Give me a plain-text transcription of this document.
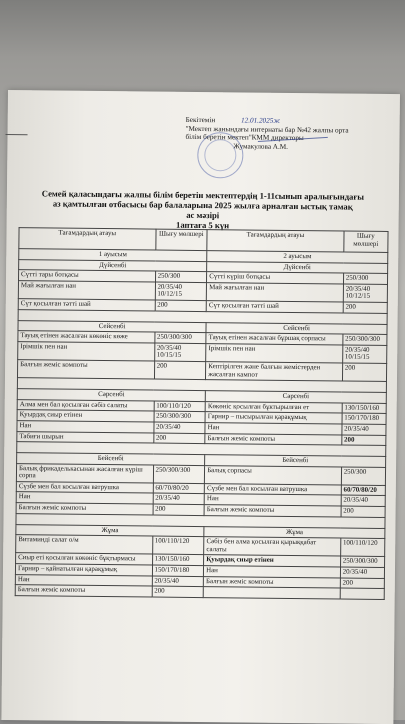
Бекітемін	12.01.2025ж
"Мектеп жанындағы интернаты бар №42 жалпы орта
білім беретін мектеп"КММ директоры
Жумакулова А.М.
Семей қаласындағы жалпы білім беретін мектептердің 1-11сынып аралығындағы
аз қамтылған отбасысы бар балаларына 2025 жылға арналған ыстық тамақ
ас мәзірі
1аптаға 5 күн
Тағамдардың атауы	Шығу мөлшері	Тағамдардың атауы	Шығу мөлшері
1 ауысым		2 ауысым	
Дүйсенбі		Дүйсенбі	
Сүтті тары ботқасы	250/300	Сүтті күріш ботқасы	250/300
Май жағылған нан	20/35/40 10/12/15	Май жағылған нан	20/35/40 10/12/15
Сүт қосылған тәтті шай	200	Сүт қосылған тәтті шай	200

Сейсенбі		Сейсенбі	
Тауық етінен жасалған көкөніс көже	250/300/300	Тауық етінен жасалған бұршақ сорпасы	250/300/300
Ірімшік пен нан	20/35/40 10/15/15	Ірімшік пен нан	20/35/40 10/15/15
Балғын жеміс компоты	200	Кептірілген және балғын жемістерден жасалған кампот	200

Сәрсенбі		Сәрсенбі	
Алма мен бал қосылған сәбіз салаты	100/110/120	Көкөніс қосылған бұктырылған ет	130/150/160
Қуырдақ сиыр етінен	250/300/300	Гарнир – пысырылған қарақұмық	150/170/180
Нан	20/35/40	Нан	20/35/40
Табиғи шырын	200	Балғын жеміс компоты	200

Бейсенбі		Бейсенбі	
Балық фрикаделькасынан жасалған күріш сорпа	250/300/300	Балық сорпасы	250/300
Сүзбе мен бал косылған ватрушка	60/70/80/20	Сүзбе мен бал косылған ватрушка	60/70/80/20
Нан	20/35/40	Нан	20/35/40
Балғын жеміс компоты	200	Балғын жеміс компоты	200

Жұма		Жұма	
Витаминді салат о/м	100/110/120	Сәбіз бен алма қосылған қырыққабат салаты	100/110/120
Сиыр еті қосылған көкөніс бұқтырмасы	130/150/160	Қуырдақ сиыр етінен	250/300/300
Гарнир – қайнатылған қарақұмық	150/170/180	Нан	20/35/40
Нан	20/35/40	Балғын жеміс компоты	200
Балғын жеміс компоты	200		
